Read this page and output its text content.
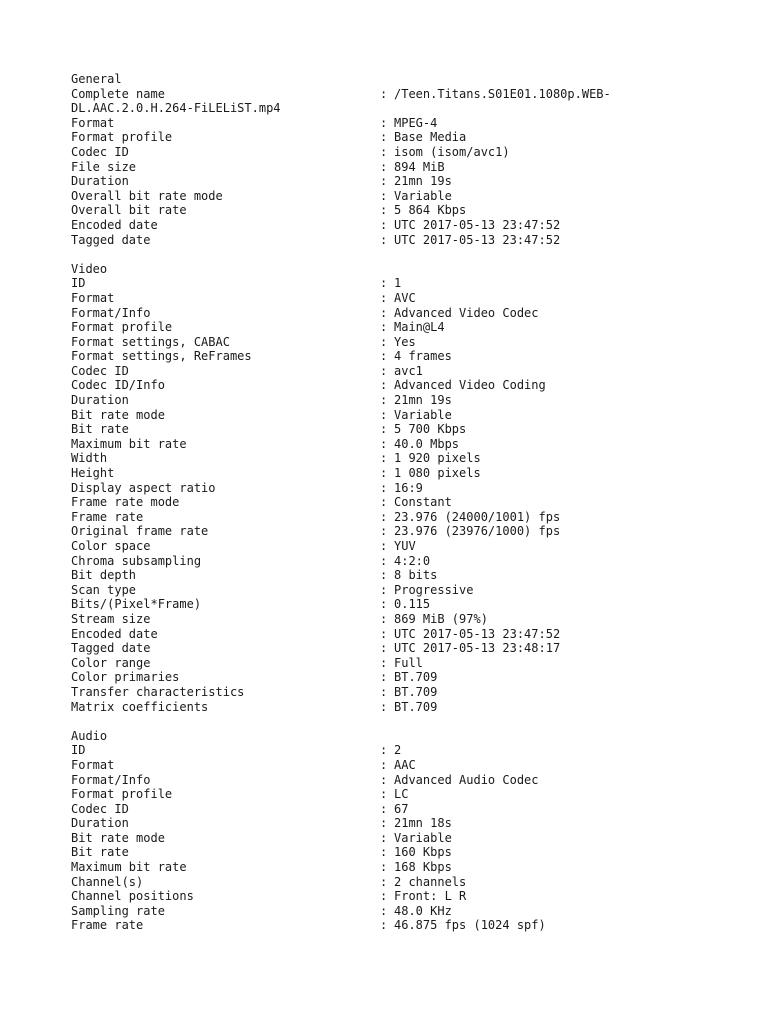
General
Complete name	: /Teen.Titans.S01E01.1080p.WEB-
DL.AAC.2.0.H.264-FiLELiST.mp4
Format	: MPEG-4
Format profile	: Base Media
Codec ID	: isom (isom/avc1)
File size	: 894 MiB
Duration	: 21mn 19s
Overall bit rate mode	: Variable
Overall bit rate	: 5 864 Kbps
Encoded date	: UTC 2017-05-13 23:47:52
Tagged date	: UTC 2017-05-13 23:47:52
Video
ID	: 1
Format	: AVC
Format/Info	: Advanced Video Codec
Format profile	: Main@L4
Format settings, CABAC	: Yes
Format settings, ReFrames	: 4 frames
Codec ID	: avc1
Codec ID/Info	: Advanced Video Coding
Duration	: 21mn 19s
Bit rate mode	: Variable
Bit rate	: 5 700 Kbps
Maximum bit rate	: 40.0 Mbps
Width	: 1 920 pixels
Height	: 1 080 pixels
Display aspect ratio	: 16:9
Frame rate mode	: Constant
Frame rate	: 23.976 (24000/1001) fps
Original frame rate	: 23.976 (23976/1000) fps
Color space	: YUV
Chroma subsampling	: 4:2:0
Bit depth	: 8 bits
Scan type	: Progressive
Bits/(Pixel*Frame)	: 0.115
Stream size	: 869 MiB (97%)
Encoded date	: UTC 2017-05-13 23:47:52
Tagged date	: UTC 2017-05-13 23:48:17
Color range	: Full
Color primaries	: BT.709
Transfer characteristics	: BT.709
Matrix coefficients	: BT.709
Audio
ID	: 2
Format	: AAC
Format/Info	: Advanced Audio Codec
Format profile	: LC
Codec ID	: 67
Duration	: 21mn 18s
Bit rate mode	: Variable
Bit rate	: 160 Kbps
Maximum bit rate	: 168 Kbps
Channel(s)	: 2 channels
Channel positions	: Front: L R
Sampling rate	: 48.0 KHz
Frame rate	: 46.875 fps (1024 spf)
